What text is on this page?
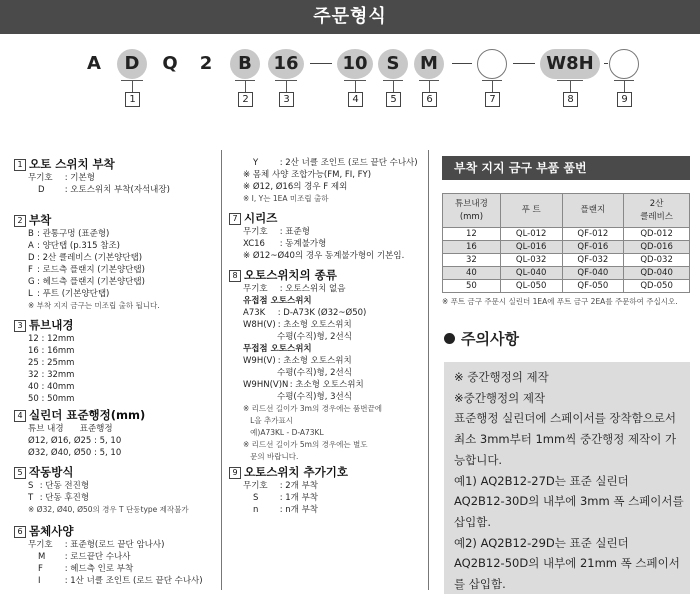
주문형식
A	D	Q 2	B	16	10	S	M	W8H
1	2	3	4	5	6	7	8	9
1 오토 스위치 부착
무기호 : 기본형
D : 오토스위치 부착(자석내장)
2 부착
B : 관통구멍 (표준형)
A : 양단탭 (p.315 참조)
D : 2산 클레비스 (기본양단탭)
F : 로드측 플랜지 (기본양단탭)
G : 헤드측 플랜지 (기본양단탭)
L : 푸트 (기본양단탭)
※ 부착 지지 금구는 미조립 출하 됩니다.
3 튜브내경
12 : 12mm
16 : 16mm
25 : 25mm
32 : 32mm
40 : 40mm
50 : 50mm
4 실린더 표준행정(mm)
튜브 내경      표준행정
Ø12, Ø16, Ø25 : 5, 10
Ø32, Ø40, Ø50 : 5, 10
5 작동방식
S : 단동 전진형
T : 단동 후진형
※ Ø32, Ø40, Ø50의 경우 T 단동type 제작불가
6 몸체사양
무기호 : 표준형(로드 끝단 암나사)
M : 로드끝단 수나사
F : 헤드측 인로 부착
I	: 1산 너클 조인트 (로드 끝단 수나사)
Y : 2산 너클 조인트 (로드 끝단 수나사)
※ 몸체 사양 조합가능(FM, FI, FY)
※ Ø12, Ø16의 경우 F 제외
※ I, Y는 1EA 미조립 출하
7 시리즈
무기호 : 표준형
XC16 : 동계불가형
※ Ø12~Ø40의 경우 동계불가형이 기본임.
8 오토스위치의 종류
무기호 : 오토스위치 없음
유접점 오토스위치
A73K : D-A73K (Ø32~Ø50)
W8H(V) : 초소형 오토스위치
수평(수직)형, 2선식
무접점 오토스위치
W9H(V) : 초소형 오토스위치
수평(수직)형, 2선식
W9HN(V)N : 초소형 오토스위치
수평(수직)형, 3선식
※ 리드선 길이가 3m의 경우에는 품번끝에
L을 추가표시
예)A73KL - D-A73KL
※ 리드선 길이가 5m의 경우에는 별도
문의 바랍니다.
9 오토스위치 추가기호
무기호 : 2개 부착
S : 1개 부착
n : n개 부착
부착 지지 금구 부품 품번
튜브내경
(mm)	푸 트	플랜지	2산
클레비스
12	QL-012	QF-012	QD-012
16	QL-016	QF-016	QD-016
32	QL-032	QF-032	QD-032
40	QL-040	QF-040	QD-040
50	QL-050	QF-050	QD-050
※ 푸트 금구 주문시 실린더 1EA에 푸트 금구 2EA를 주문하여 주십시오.
주의사항
※ 중간행정의 제작
※중간행정의 제작
표준행정 실린더에 스페이서를 장착함으로서
최소 3mm부터 1mm씩 중간행정 제작이 가
능합니다.
예1) AQ2B12-27D는 표준 실린더
AQ2B12-30D의 내부에 3mm 폭 스페이서를
삽입함.
예2) AQ2B12-29D는 표준 실린더
AQ2B12-50D의 내부에 21mm 폭 스페이서
를 삽입함.
